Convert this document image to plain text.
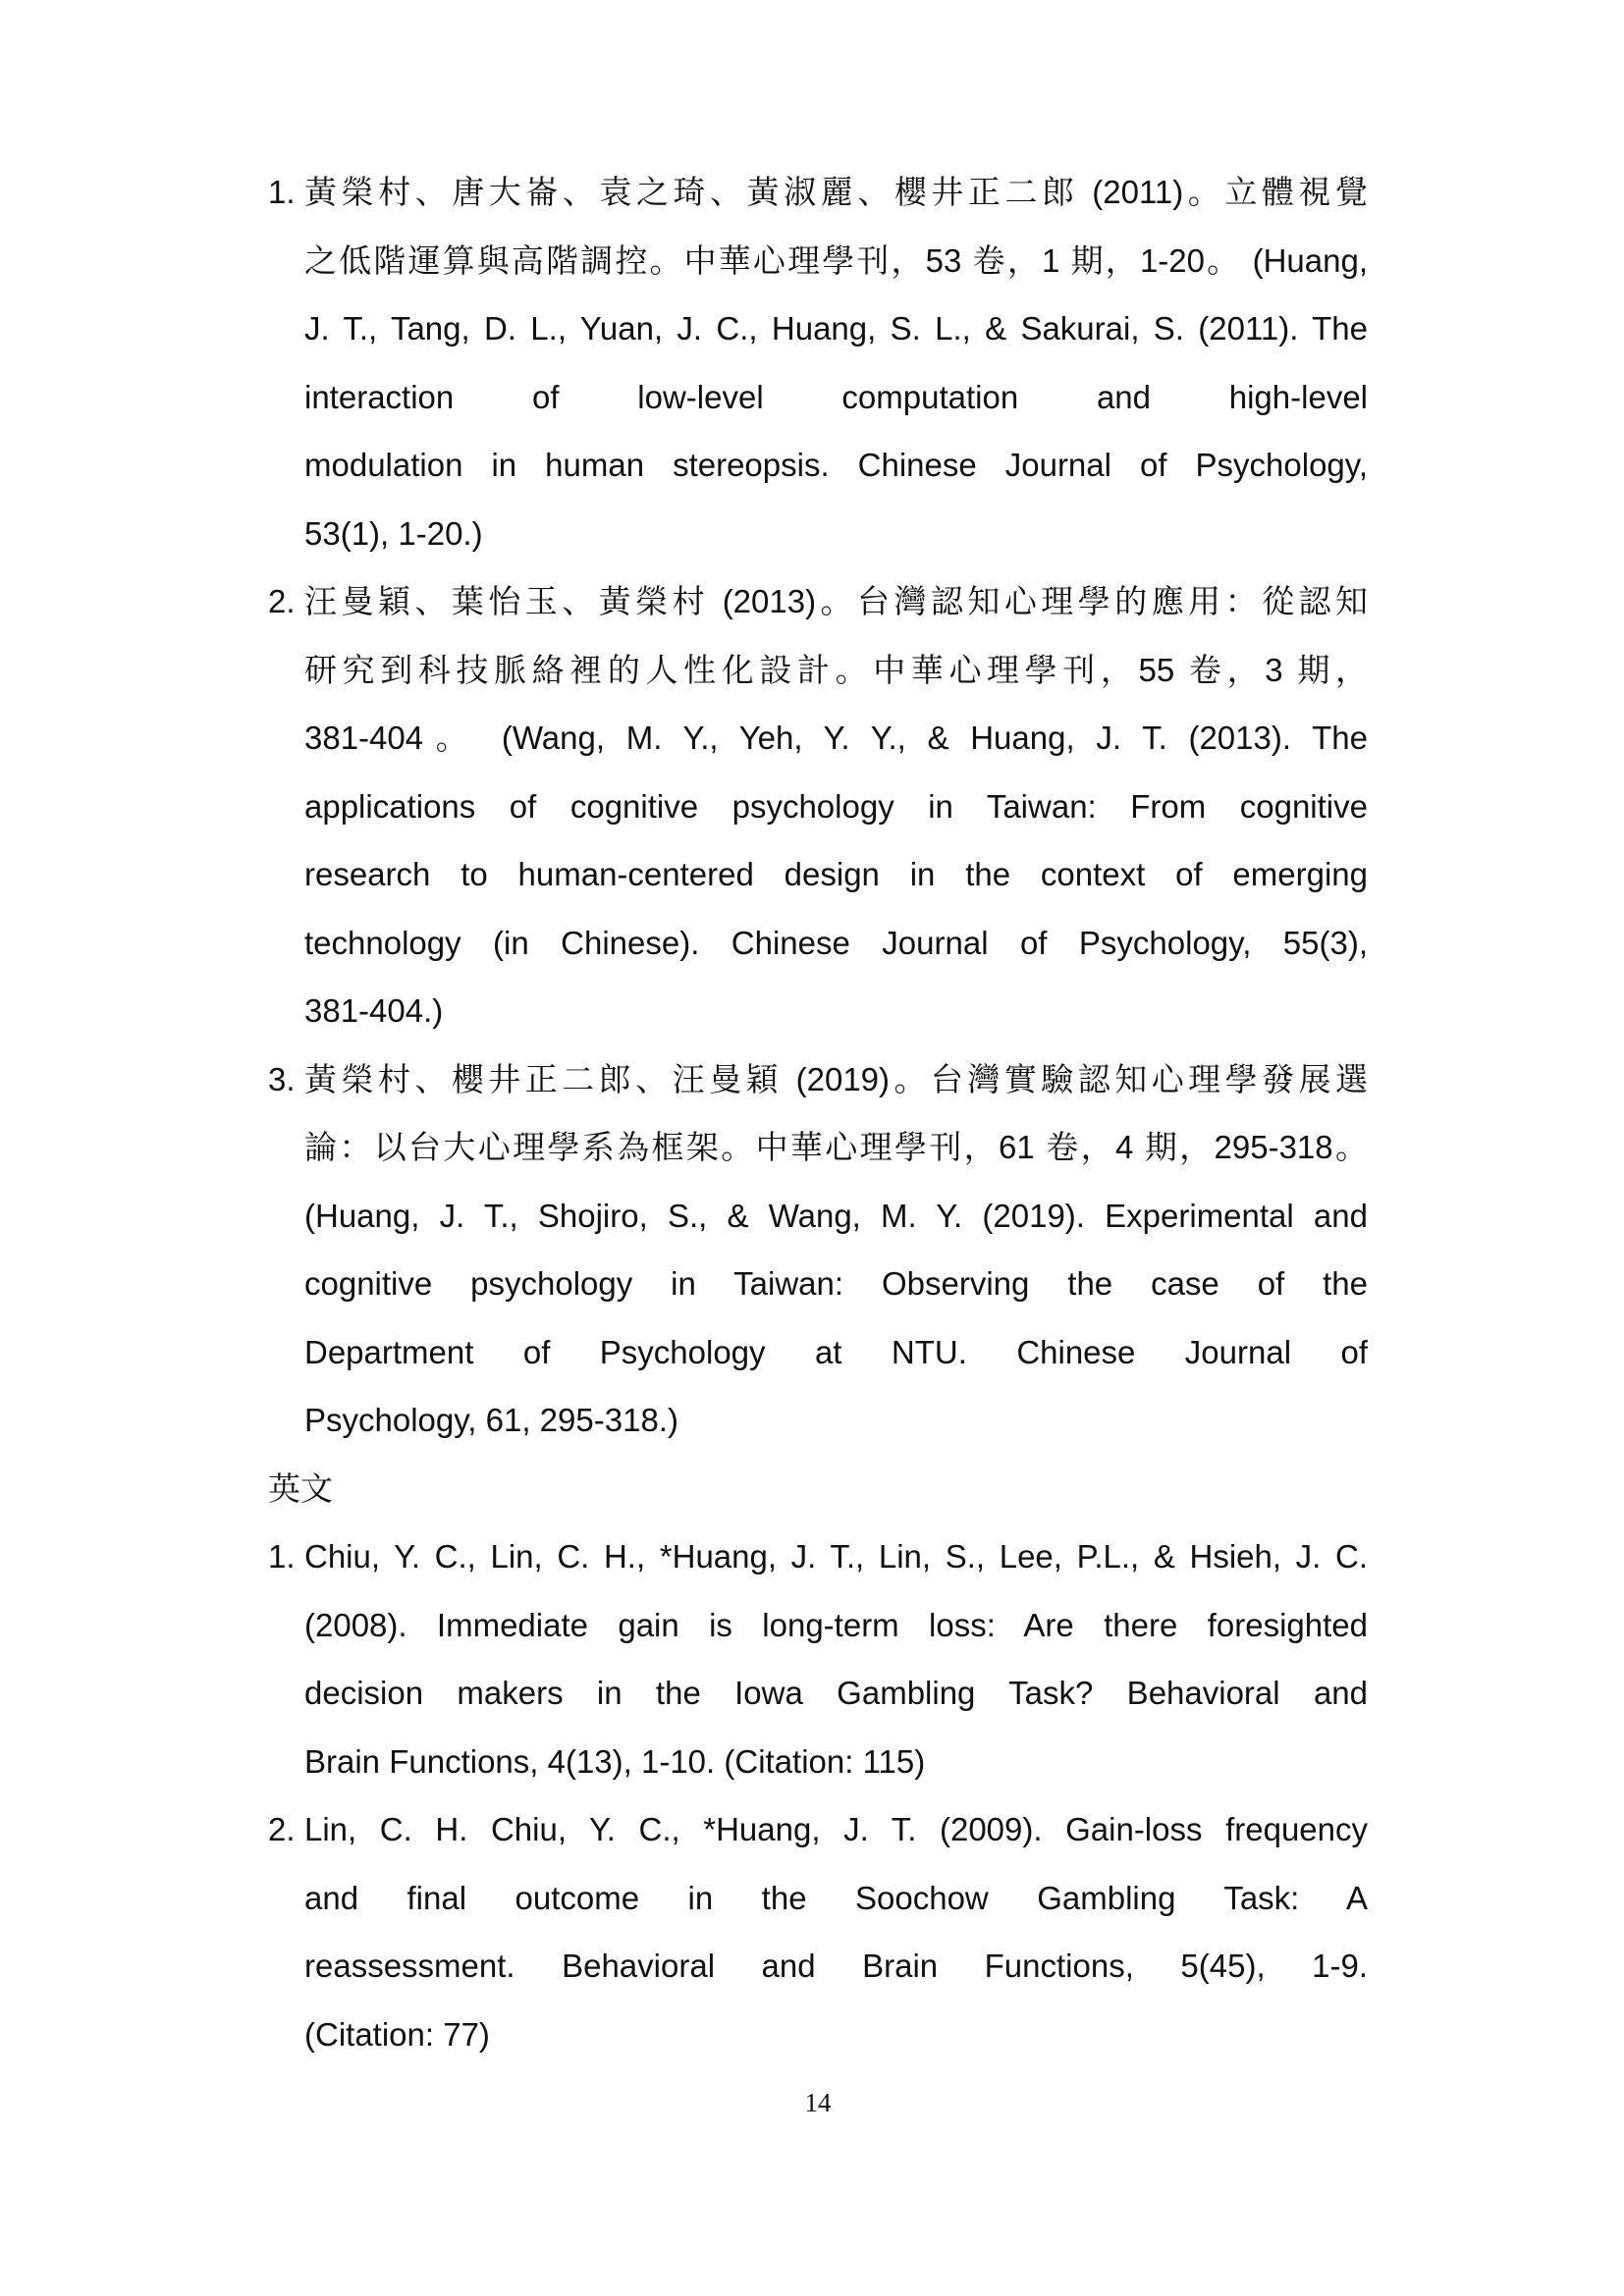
1. 黃榮村、唐大崙、袁之琦、黃淑麗、櫻井正二郎 (2011)。立體視覺
之低階運算與高階調控。中華心理學刊，53 卷，1 期，1-20。 (Huang,
J. T., Tang, D. L., Yuan, J. C., Huang, S. L., & Sakurai, S. (2011). The
interaction of low-level computation and high-level
modulation in human stereopsis. Chinese Journal of Psychology,
53(1), 1-20.)
2. 汪曼穎、葉怡玉、黃榮村 (2013)。台灣認知心理學的應用：從認知
研究到科技脈絡裡的人性化設計。中華心理學刊，55 卷，3 期，
381-404。 (Wang, M. Y., Yeh, Y. Y., & Huang, J. T. (2013). The
applications of cognitive psychology in Taiwan: From cognitive
research to human-centered design in the context of emerging
technology (in Chinese). Chinese Journal of Psychology, 55(3),
381-404.)
3. 黃榮村、櫻井正二郎、汪曼穎 (2019)。台灣實驗認知心理學發展選
論：以台大心理學系為框架。中華心理學刊，61 卷，4 期，295-318。
(Huang, J. T., Shojiro, S., & Wang, M. Y. (2019). Experimental and
cognitive psychology in Taiwan: Observing the case of the
Department of Psychology at NTU. Chinese Journal of
Psychology, 61, 295-318.)
英文
1. Chiu, Y. C., Lin, C. H., *Huang, J. T., Lin, S., Lee, P.L., & Hsieh, J. C.
(2008). Immediate gain is long-term loss: Are there foresighted
decision makers in the Iowa Gambling Task? Behavioral and
Brain Functions, 4(13), 1-10. (Citation: 115)
2. Lin, C. H. Chiu, Y. C., *Huang, J. T. (2009). Gain-loss frequency
and final outcome in the Soochow Gambling Task: A
reassessment. Behavioral and Brain Functions, 5(45), 1-9.
(Citation: 77)
14
